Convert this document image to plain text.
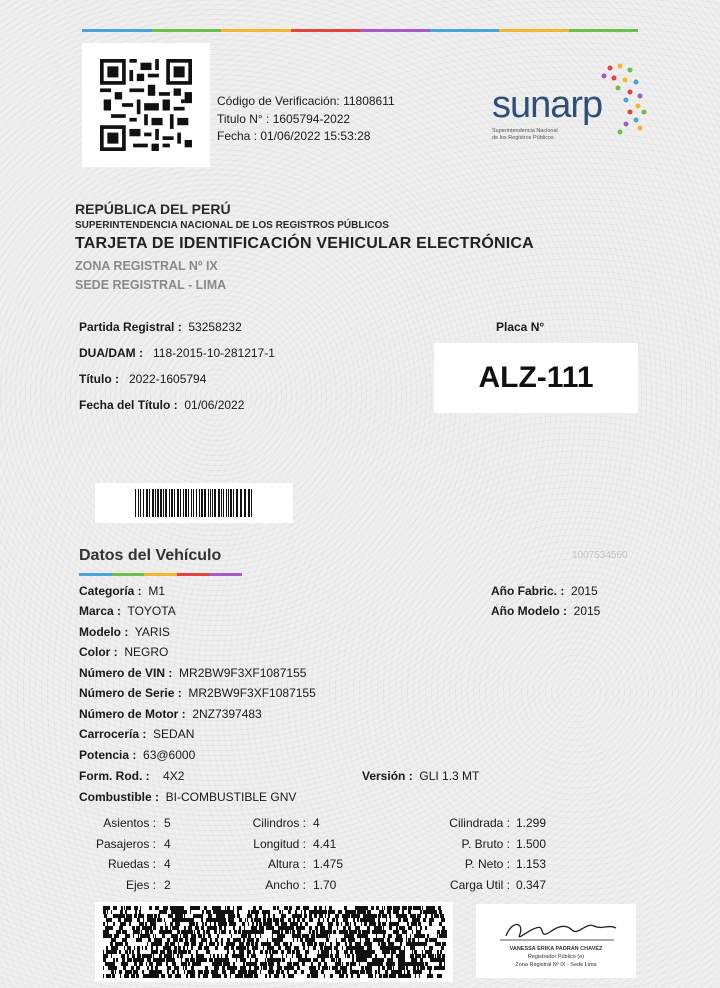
Código de Verificación: 11808611
Titulo N° : 1605794-2022
Fecha : 01/06/2022 15:53:28
sunarp
Superintendencia Nacional
de los Registros Públicos
REPÚBLICA DEL PERÚ
SUPERINTENDENCIA NACIONAL DE LOS REGISTROS PÚBLICOS
TARJETA DE IDENTIFICACIÓN VEHICULAR ELECTRÓNICA
ZONA REGISTRAL Nº IX
SEDE REGISTRAL - LIMA
Partida Registral : 53258232
DUA/DAM : 118-2015-10-281217-1
Título : 2022-1605794
Fecha del Título : 01/06/2022
Placa N°
ALZ-111
Datos del Vehículo	1007534560
Categoría : M1
Marca : TOYOTA
Modelo : YARIS
Color : NEGRO
Número de VIN : MR2BW9F3XF1087155
Número de Serie : MR2BW9F3XF1087155
Número de Motor : 2NZ7397483
Carrocería : SEDAN
Potencia : 63@6000
Form. Rod. : 4X2
Combustible : BI-COMBUSTIBLE GNV
Año Fabric. : 2015
Año Modelo : 2015
Versión : GLI 1.3 MT
Asientos : 5
Pasajeros : 4
Ruedas : 4
Ejes : 2
Cilindros : 4
Longitud : 4.41
Altura : 1.475
Ancho : 1.70
Cilindrada : 1.299
P. Bruto : 1.500
P. Neto : 1.153
Carga Util : 0.347
VANESSA ERIKA PADRAN CHAVEZ
Registrador Público (e)
Zona Registral Nº IX - Sede Lima
